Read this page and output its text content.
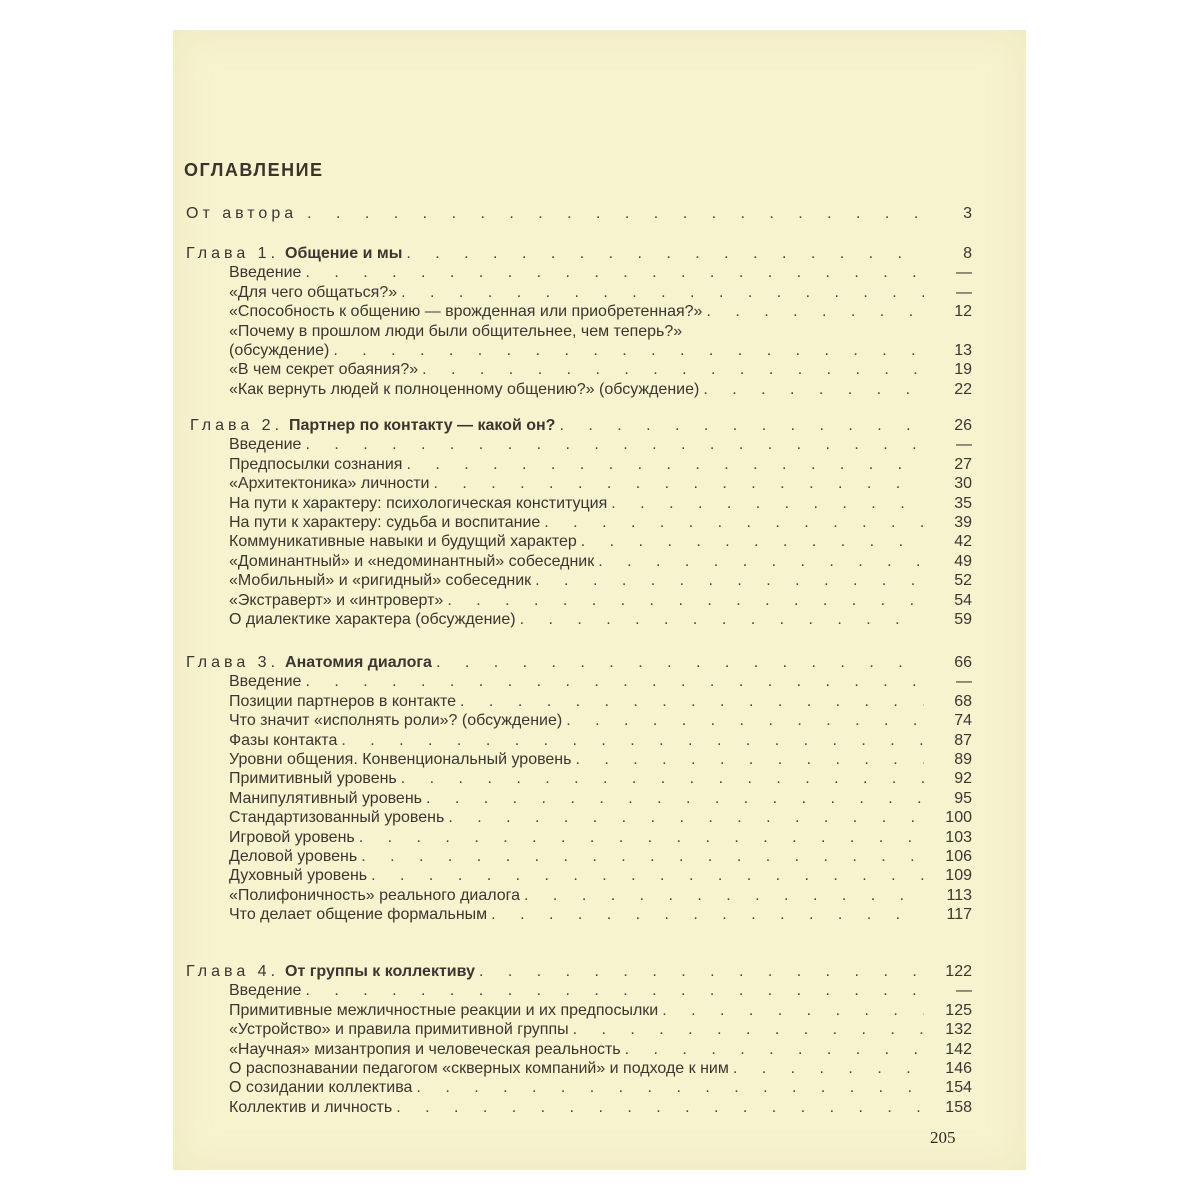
ОГЛАВЛЕНИЕ
От автора . . .	3
Глава 1. Общение и мы . . .	8
Введение . . .	—
«Для чего общаться?» . . .	—
«Способность к общению — врожденная или приобретенная?» . . .	12
«Почему в прошлом люди были общительнее, чем теперь?»
(обсуждение) . . .	13
«В чем секрет обаяния?» . . .	19
«Как вернуть людей к полноценному общению?» (обсуждение) . . .	22
Глава 2. Партнер по контакту — какой он? . . .	26
Введение . . .	—
Предпосылки сознания . . .	27
«Архитектоника» личности . . .	30
На пути к характеру: психологическая конституция . . .	35
На пути к характеру: судьба и воспитание . . .	39
Коммуникативные навыки и будущий характер . . .	42
«Доминантный» и «недоминантный» собеседник . . .	49
«Мобильный» и «ригидный» собеседник . . .	52
«Экстраверт» и «интроверт» . . .	54
О диалектике характера (обсуждение) . . .	59
Глава 3. Анатомия диалога . . .	66
Введение . . .	—
Позиции партнеров в контакте . . .	68
Что значит «исполнять роли»? (обсуждение) . . .	74
Фазы контакта . . .	87
Уровни общения. Конвенциональный уровень . . .	89
Примитивный уровень . . .	92
Манипулятивный уровень . . .	95
Стандартизованный уровень . . .	100
Игровой уровень . . .	103
Деловой уровень . . .	106
Духовный уровень . . .	109
«Полифоничность» реального диалога . . .	113
Что делает общение формальным . . .	117
Глава 4. От группы к коллективу . . .	122
Введение . . .	—
Примитивные межличностные реакции и их предпосылки . . .	125
«Устройство» и правила примитивной группы . . .	132
«Научная» мизантропия и человеческая реальность . . .	142
О распознавании педагогом «скверных компаний» и подходе к ним . . .	146
О созидании коллектива . . .	154
Коллектив и личность . . .	158
205
